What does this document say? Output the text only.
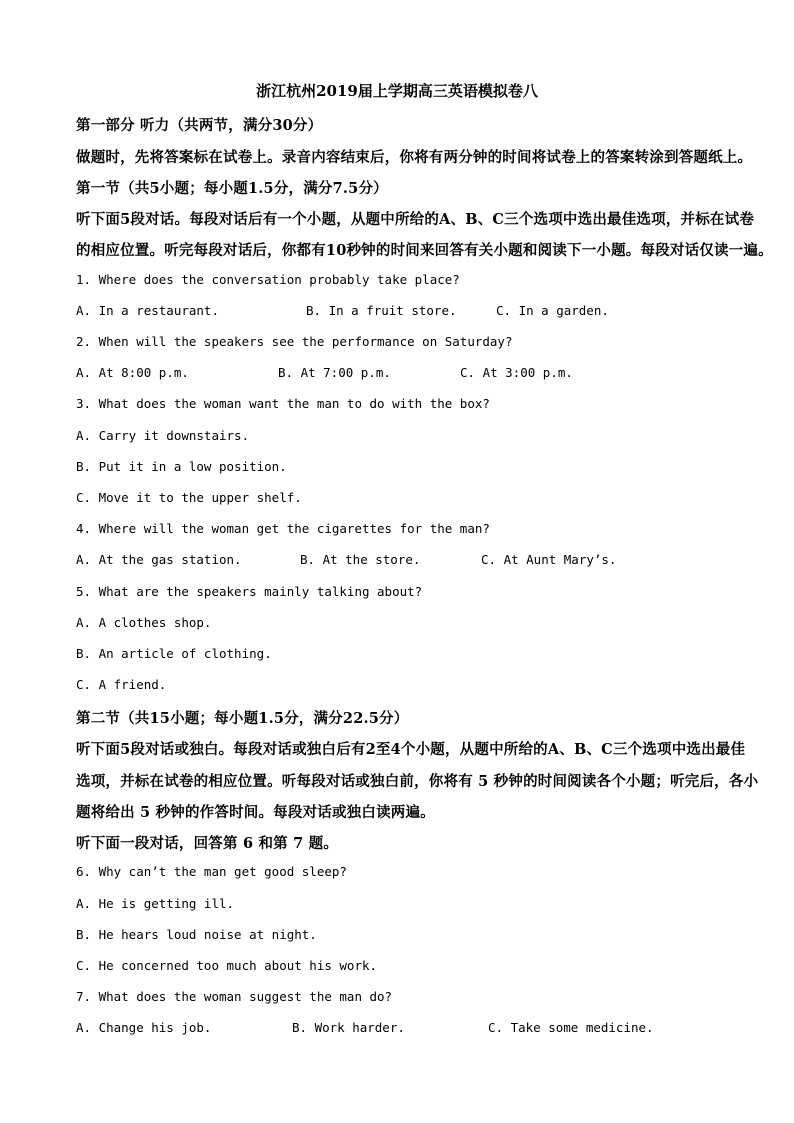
浙江杭州2019届上学期高三英语模拟卷八
第一部分 听力（共两节，满分30分）
做题时，先将答案标在试卷上。录音内容结束后，你将有两分钟的时间将试卷上的答案转涂到答题纸上。
第一节（共5小题；每小题1.5分，满分7.5分）
听下面5段对话。每段对话后有一个小题，从题中所给的A、B、C三个选项中选出最佳选项，并标在试卷
的相应位置。听完每段对话后，你都有10秒钟的时间来回答有关小题和阅读下一小题。每段对话仅读一遍。
1. Where does the conversation probably take place?
A. In a restaurant.	B. In a fruit store.	C. In a garden.
2. When will the speakers see the performance on Saturday?
A. At 8:00 p.m.	B. At 7:00 p.m.	C. At 3:00 p.m.
3. What does the woman want the man to do with the box?
A. Carry it downstairs.
B. Put it in a low position.
C. Move it to the upper shelf.
4. Where will the woman get the cigarettes for the man?
A. At the gas station.	B. At the store.	C. At Aunt Mary’s.
5. What are the speakers mainly talking about?
A. A clothes shop.
B. An article of clothing.
C. A friend.
第二节（共15小题；每小题1.5分，满分22.5分）
听下面5段对话或独白。每段对话或独白后有2至4个小题，从题中所给的A、B、C三个选项中选出最佳
选项，并标在试卷的相应位置。听每段对话或独白前，你将有 5 秒钟的时间阅读各个小题；听完后，各小
题将给出 5 秒钟的作答时间。每段对话或独白读两遍。
听下面一段对话，回答第 6 和第 7 题。
6. Why can’t the man get good sleep?
A. He is getting ill.
B. He hears loud noise at night.
C. He concerned too much about his work.
7. What does the woman suggest the man do?
A. Change his job.	B. Work harder.	C. Take some medicine.
